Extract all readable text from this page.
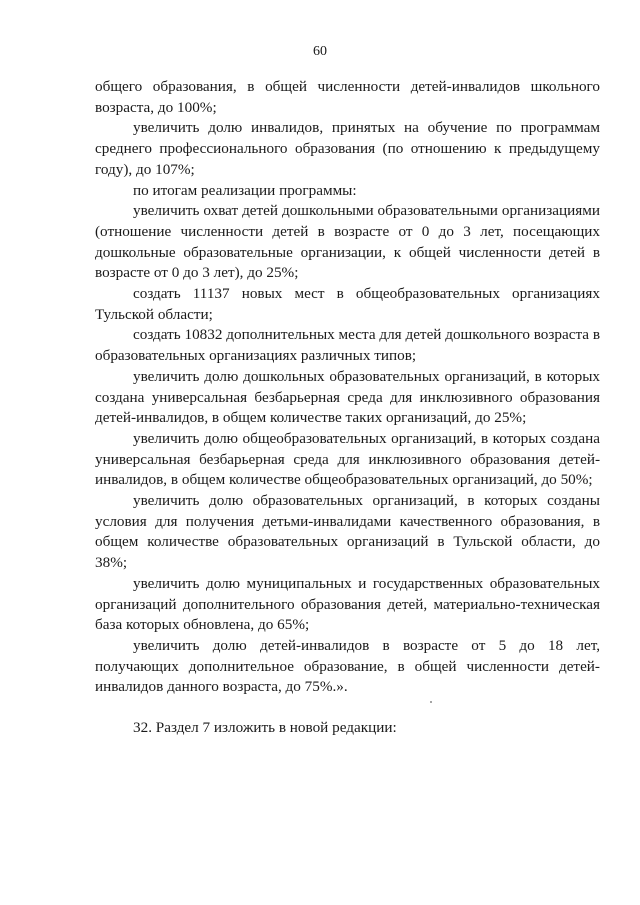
60

общего образования, в общей численности детей-инвалидов школьного возраста, до 100%;

увеличить долю инвалидов, принятых на обучение по программам среднего профессионального образования (по отношению к предыдущему году), до 107%;

по итогам реализации программы:

увеличить охват детей дошкольными образовательными организациями (отношение численности детей в возрасте от 0 до 3 лет, посещающих дошкольные образовательные организации, к общей численности детей в возрасте от 0 до 3 лет), до 25%;

создать 11137 новых мест в общеобразовательных организациях Тульской области;

создать 10832 дополнительных места для детей дошкольного возраста в образовательных организациях различных типов;

увеличить долю дошкольных образовательных организаций, в которых создана универсальная безбарьерная среда для инклюзивного образования детей-инвалидов, в общем количестве таких организаций, до 25%;

увеличить долю общеобразовательных организаций, в которых создана универсальная безбарьерная среда для инклюзивного образования детей-инвалидов, в общем количестве общеобразовательных организаций, до 50%;

увеличить долю образовательных организаций, в которых созданы условия для получения детьми-инвалидами качественного образования, в общем количестве образовательных организаций в Тульской области, до 38%;

увеличить долю муниципальных и государственных образовательных организаций дополнительного образования детей, материально-техническая база которых обновлена, до 65%;

увеличить долю детей-инвалидов в возрасте от 5 до 18 лет, получающих дополнительное образование, в общей численности детей-инвалидов данного возраста, до 75%.».

32. Раздел 7 изложить в новой редакции:
